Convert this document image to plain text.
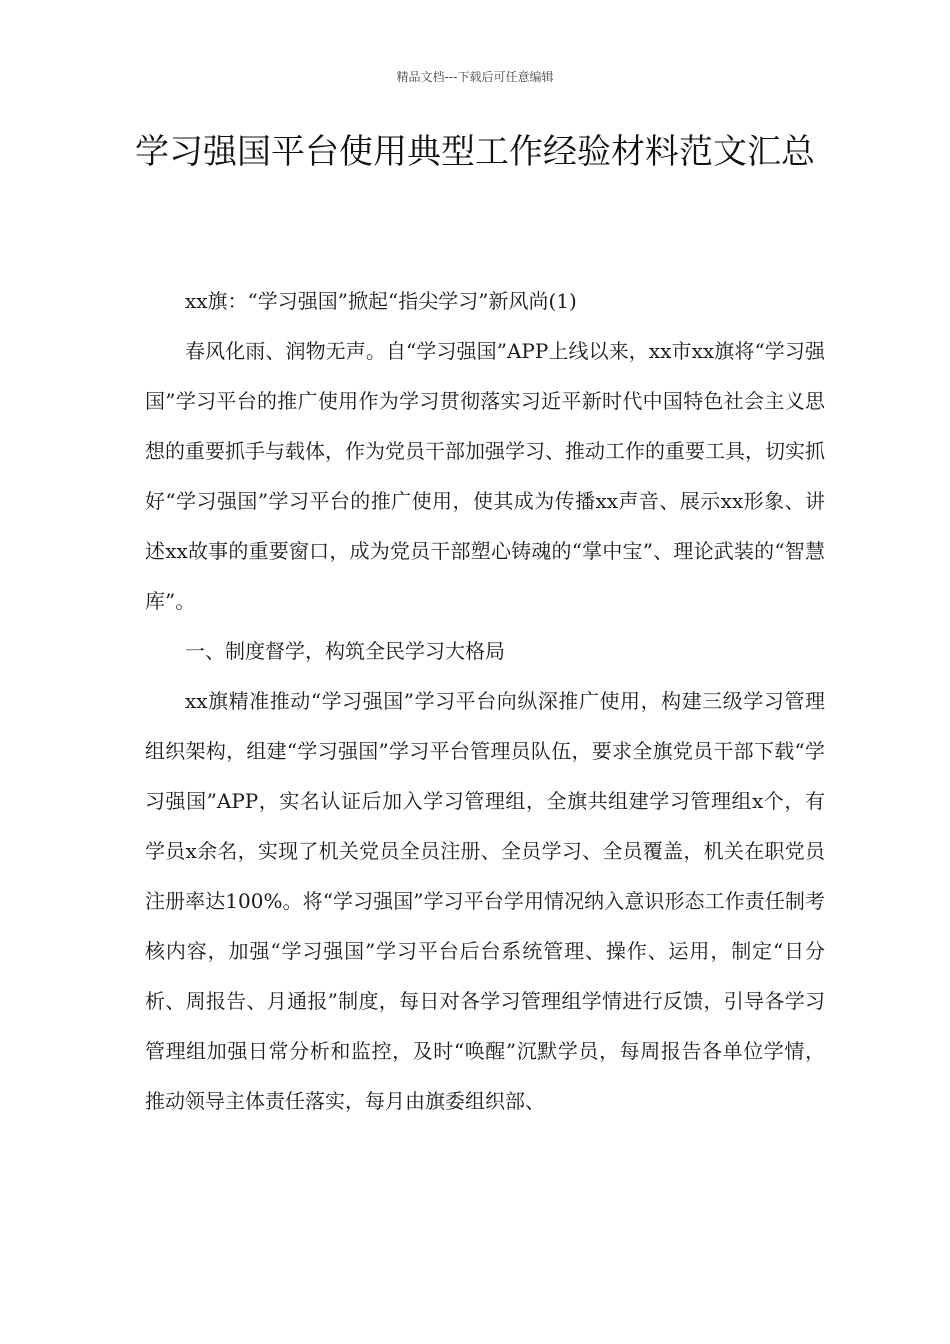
精品文档---下载后可任意编辑
学习强国平台使用典型工作经验材料范文汇总

xx旗：“学习强国”掀起“指尖学习”新风尚(1)

春风化雨、润物无声。自“学习强国”APP上线以来，xx市xx旗将“学习强国”学习平台的推广使用作为学习贯彻落实习近平新时代中国特色社会主义思想的重要抓手与载体，作为党员干部加强学习、推动工作的重要工具，切实抓好“学习强国”学习平台的推广使用，使其成为传播xx声音、展示xx形象、讲述xx故事的重要窗口，成为党员干部塑心铸魂的“掌中宝”、理论武装的“智慧库”。

一、制度督学，构筑全民学习大格局

xx旗精准推动“学习强国”学习平台向纵深推广使用，构建三级学习管理组织架构，组建“学习强国”学习平台管理员队伍，要求全旗党员干部下载“学习强国”APP，实名认证后加入学习管理组，全旗共组建学习管理组x个，有学员x余名，实现了机关党员全员注册、全员学习、全员覆盖，机关在职党员注册率达100%。将“学习强国”学习平台学用情况纳入意识形态工作责任制考核内容，加强“学习强国”学习平台后台系统管理、操作、运用，制定“日分析、周报告、月通报”制度，每日对各学习管理组学情进行反馈，引导各学习管理组加强日常分析和监控，及时“唤醒”沉默学员，每周报告各单位学情，推动领导主体责任落实，每月由旗委组织部、
